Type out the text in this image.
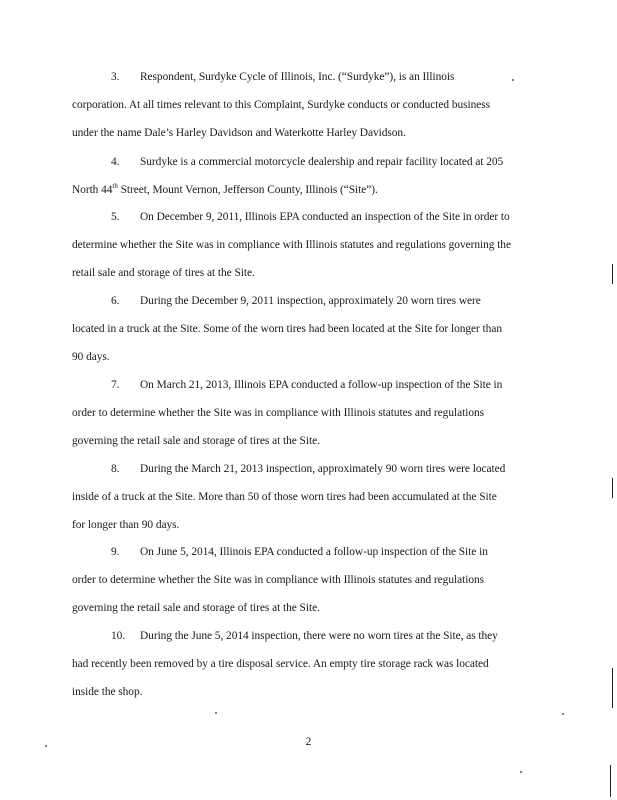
3. Respondent, Surdyke Cycle of Illinois, Inc. (“Surdyke”), is an Illinois
corporation. At all times relevant to this Complaint, Surdyke conducts or conducted business
under the name Dale’s Harley Davidson and Waterkotte Harley Davidson.
4. Surdyke is a commercial motorcycle dealership and repair facility located at 205
North 44th Street, Mount Vernon, Jefferson County, Illinois (“Site”).
5. On December 9, 2011, Illinois EPA conducted an inspection of the Site in order to
determine whether the Site was in compliance with Illinois statutes and regulations governing the
retail sale and storage of tires at the Site.
6. During the December 9, 2011 inspection, approximately 20 worn tires were
located in a truck at the Site. Some of the worn tires had been located at the Site for longer than
90 days.
7. On March 21, 2013, Illinois EPA conducted a follow-up inspection of the Site in
order to determine whether the Site was in compliance with Illinois statutes and regulations
governing the retail sale and storage of tires at the Site.
8. During the March 21, 2013 inspection, approximately 90 worn tires were located
inside of a truck at the Site. More than 50 of those worn tires had been accumulated at the Site
for longer than 90 days.
9. On June 5, 2014, Illinois EPA conducted a follow-up inspection of the Site in
order to determine whether the Site was in compliance with Illinois statutes and regulations
governing the retail sale and storage of tires at the Site.
10. During the June 5, 2014 inspection, there were no worn tires at the Site, as they
had recently been removed by a tire disposal service. An empty tire storage rack was located
inside the shop.
2
